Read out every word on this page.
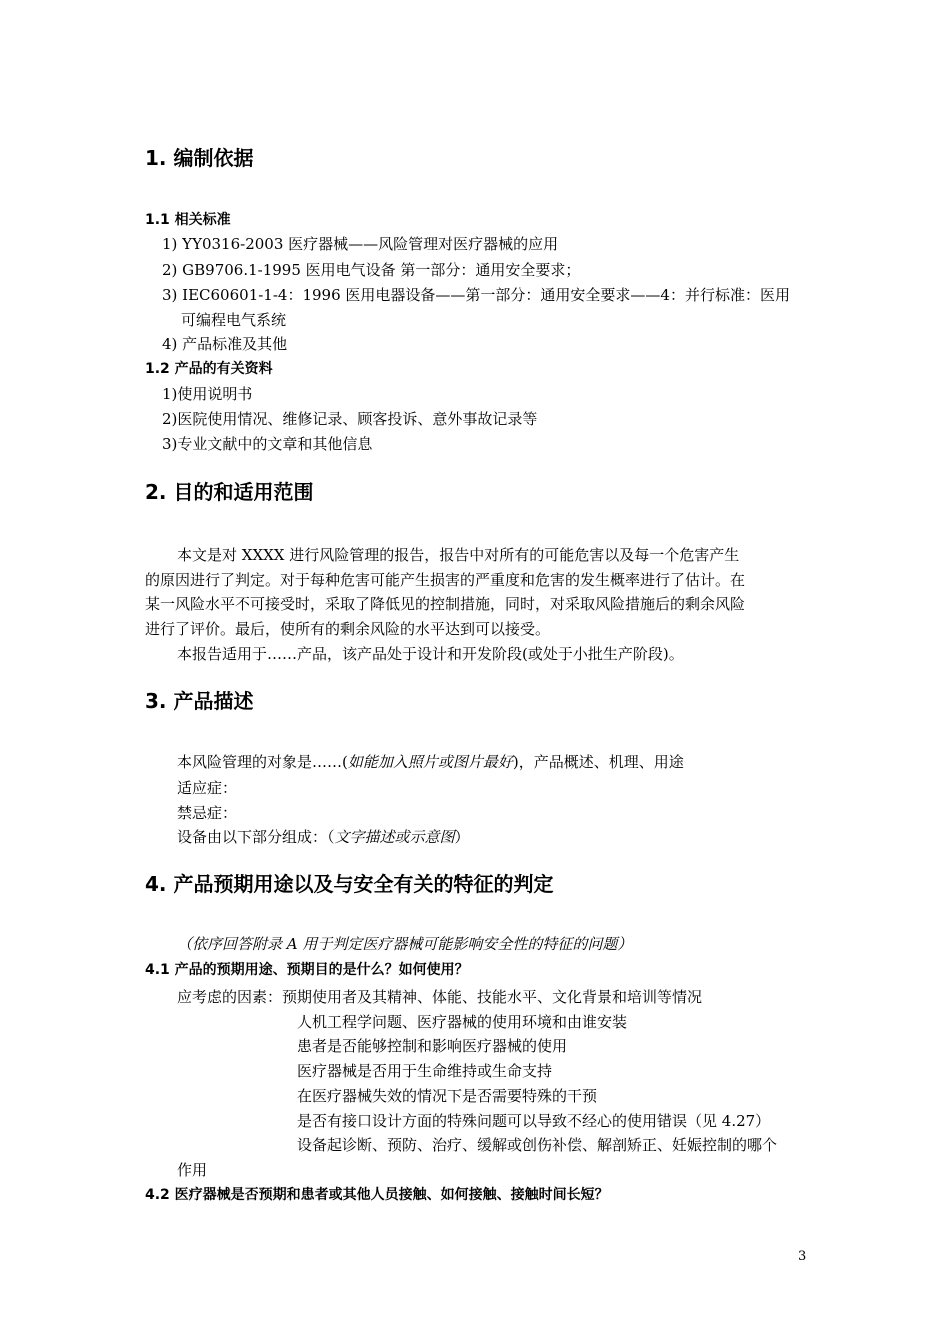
1. 编制依据
1.1 相关标准
1) YY0316-2003 医疗器械——风险管理对医疗器械的应用
2) GB9706.1-1995 医用电气设备 第一部分：通用安全要求；
3) IEC60601-1-4：1996 医用电器设备——第一部分：通用安全要求——4：并行标准：医用
可编程电气系统
4) 产品标准及其他
1.2 产品的有关资料
1)使用说明书
2)医院使用情况、维修记录、顾客投诉、意外事故记录等
3)专业文献中的文章和其他信息
2. 目的和适用范围
本文是对 XXXX 进行风险管理的报告，报告中对所有的可能危害以及每一个危害产生
的原因进行了判定。对于每种危害可能产生损害的严重度和危害的发生概率进行了估计。在
某一风险水平不可接受时，采取了降低见的控制措施，同时，对采取风险措施后的剩余风险
进行了评价。最后，使所有的剩余风险的水平达到可以接受。
本报告适用于……产品，该产品处于设计和开发阶段(或处于小批生产阶段)。
3. 产品描述
本风险管理的对象是……(如能加入照片或图片最好)，产品概述、机理、用途
适应症：
禁忌症：
设备由以下部分组成：（文字描述或示意图）
4. 产品预期用途以及与安全有关的特征的判定
（依序回答附录 A 用于判定医疗器械可能影响安全性的特征的问题）
4.1 产品的预期用途、预期目的是什么？如何使用？
应考虑的因素：预期使用者及其精神、体能、技能水平、文化背景和培训等情况
人机工程学问题、医疗器械的使用环境和由谁安装
患者是否能够控制和影响医疗器械的使用
医疗器械是否用于生命维持或生命支持
在医疗器械失效的情况下是否需要特殊的干预
是否有接口设计方面的特殊问题可以导致不经心的使用错误（见 4.27）
设备起诊断、预防、治疗、缓解或创伤补偿、解剖矫正、妊娠控制的哪个
作用
4.2 医疗器械是否预期和患者或其他人员接触、如何接触、接触时间长短？
3
